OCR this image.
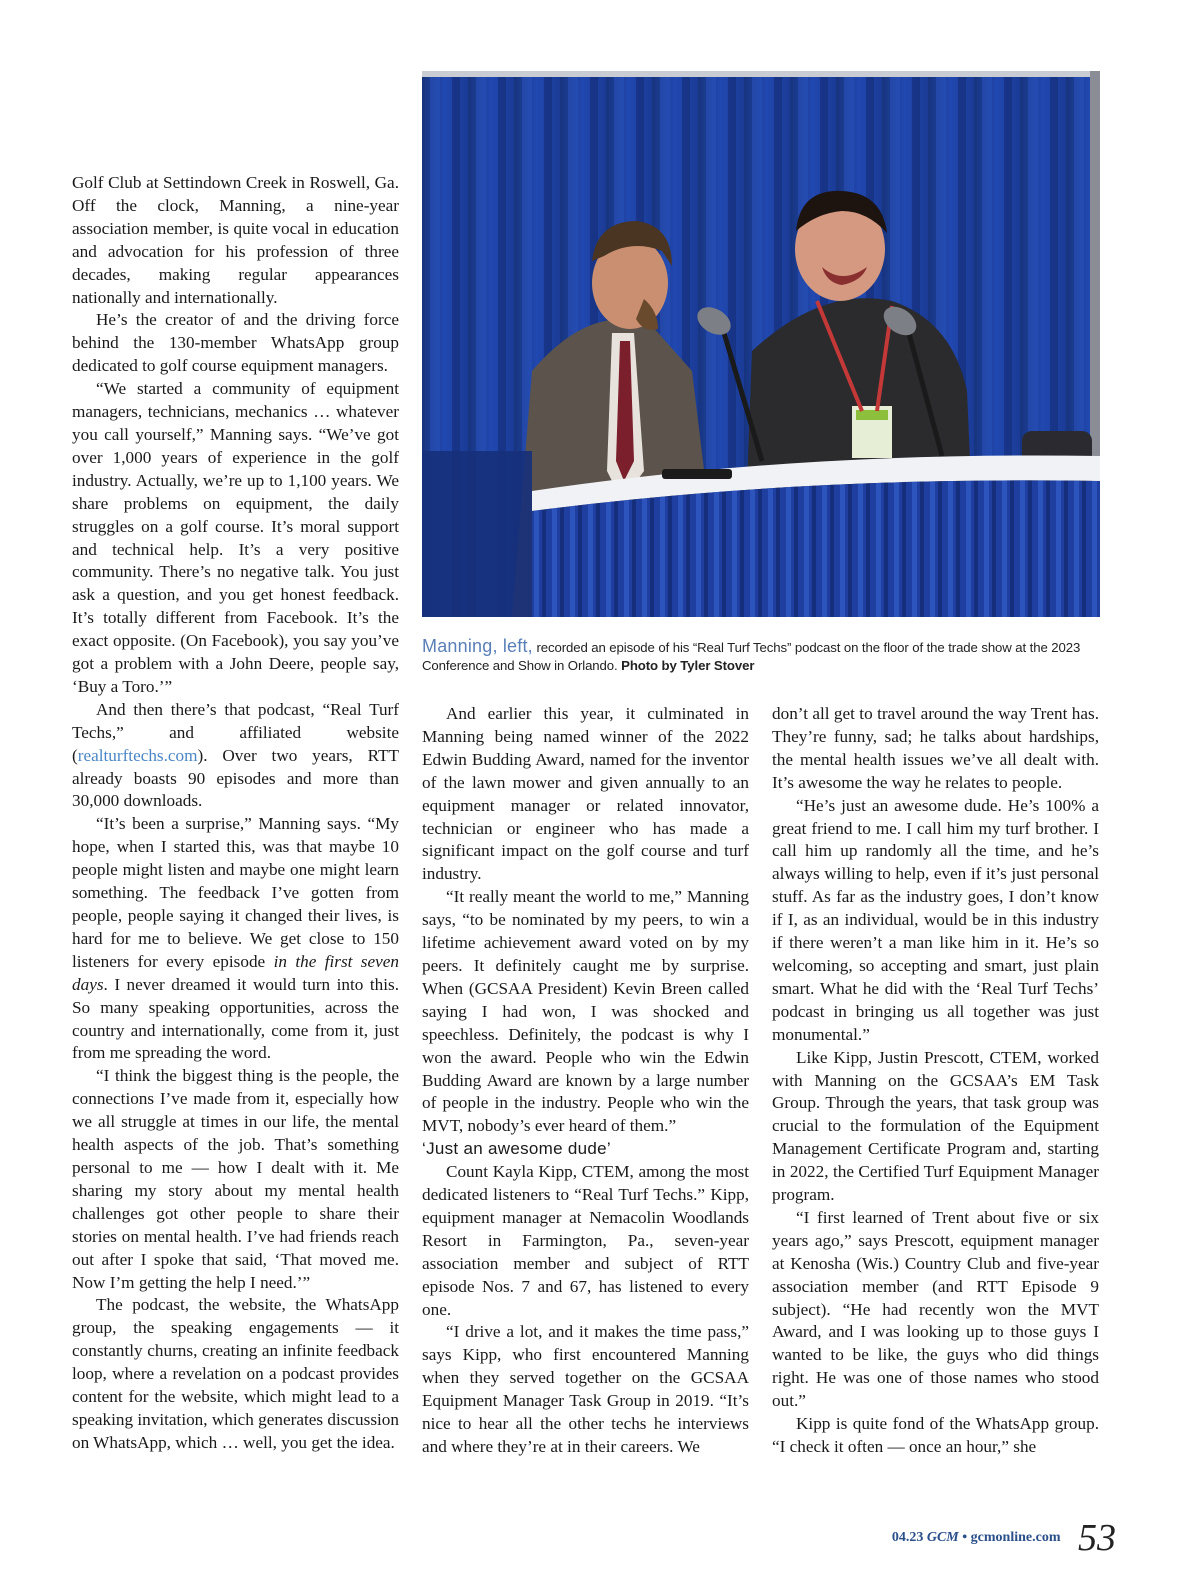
Golf Club at Settindown Creek in Roswell, Ga. Off the clock, Manning, a nine-year association member, is quite vocal in education and advocation for his profession of three decades, making regular appearances nationally and internationally.

He’s the creator of and the driving force behind the 130-member WhatsApp group dedicated to golf course equipment managers.

“We started a community of equipment managers, technicians, mechanics … whatever you call yourself,” Manning says. “We’ve got over 1,000 years of experience in the golf industry. Actually, we’re up to 1,100 years. We share problems on equipment, the daily struggles on a golf course. It’s moral support and technical help. It’s a very positive community. There’s no negative talk. You just ask a question, and you get honest feedback. It’s totally different from Facebook. It’s the exact opposite. (On Facebook), you say you’ve got a problem with a John Deere, people say, ‘Buy a Toro.’”

And then there’s that podcast, “Real Turf Techs,” and affiliated website (realturftechs.com). Over two years, RTT already boasts 90 episodes and more than 30,000 downloads.

“It’s been a surprise,” Manning says. “My hope, when I started this, was that maybe 10 people might listen and maybe one might learn something. The feedback I’ve gotten from people, people saying it changed their lives, is hard for me to believe. We get close to 150 listeners for every episode in the first seven days. I never dreamed it would turn into this. So many speaking opportunities, across the country and internationally, come from it, just from me spreading the word.

“I think the biggest thing is the people, the connections I’ve made from it, especially how we all struggle at times in our life, the mental health aspects of the job. That’s something personal to me — how I dealt with it. Me sharing my story about my mental health challenges got other people to share their stories on mental health. I’ve had friends reach out after I spoke that said, ‘That moved me. Now I’m getting the help I need.’”

The podcast, the website, the WhatsApp group, the speaking engagements — it constantly churns, creating an infinite feedback loop, where a revelation on a podcast provides content for the website, which might lead to a speaking invitation, which generates discussion on WhatsApp, which … well, you get the idea.

Manning, left, recorded an episode of his “Real Turf Techs” podcast on the floor of the trade show at the 2023 Conference and Show in Orlando. Photo by Tyler Stover

And earlier this year, it culminated in Manning being named winner of the 2022 Edwin Budding Award, named for the inventor of the lawn mower and given annually to an equipment manager or related innovator, technician or engineer who has made a significant impact on the golf course and turf industry.

“It really meant the world to me,” Manning says, “to be nominated by my peers, to win a lifetime achievement award voted on by my peers. It definitely caught me by surprise. When (GCSAA President) Kevin Breen called saying I had won, I was shocked and speechless. Definitely, the podcast is why I won the award. People who win the Edwin Budding Award are known by a large number of people in the industry. People who win the MVT, nobody’s ever heard of them.”

‘Just an awesome dude’

Count Kayla Kipp, CTEM, among the most dedicated listeners to “Real Turf Techs.” Kipp, equipment manager at Nemacolin Woodlands Resort in Farmington, Pa., seven-year association member and subject of RTT episode Nos. 7 and 67, has listened to every one.

“I drive a lot, and it makes the time pass,” says Kipp, who first encountered Manning when they served together on the GCSAA Equipment Manager Task Group in 2019. “It’s nice to hear all the other techs he interviews and where they’re at in their careers. We

don’t all get to travel around the way Trent has. They’re funny, sad; he talks about hardships, the mental health issues we’ve all dealt with. It’s awesome the way he relates to people.

“He’s just an awesome dude. He’s 100% a great friend to me. I call him my turf brother. I call him up randomly all the time, and he’s always willing to help, even if it’s just personal stuff. As far as the industry goes, I don’t know if I, as an individual, would be in this industry if there weren’t a man like him in it. He’s so welcoming, so accepting and smart, just plain smart. What he did with the ‘Real Turf Techs’ podcast in bringing us all together was just monumental.”

Like Kipp, Justin Prescott, CTEM, worked with Manning on the GCSAA’s EM Task Group. Through the years, that task group was crucial to the formulation of the Equipment Management Certificate Program and, starting in 2022, the Certified Turf Equipment Manager program.

“I first learned of Trent about five or six years ago,” says Prescott, equipment manager at Kenosha (Wis.) Country Club and five-year association member (and RTT Episode 9 subject). “He had recently won the MVT Award, and I was looking up to those guys I wanted to be like, the guys who did things right. He was one of those names who stood out.”

Kipp is quite fond of the WhatsApp group. “I check it often — once an hour,” she

04.23 GCM • gcmonline.com 53
